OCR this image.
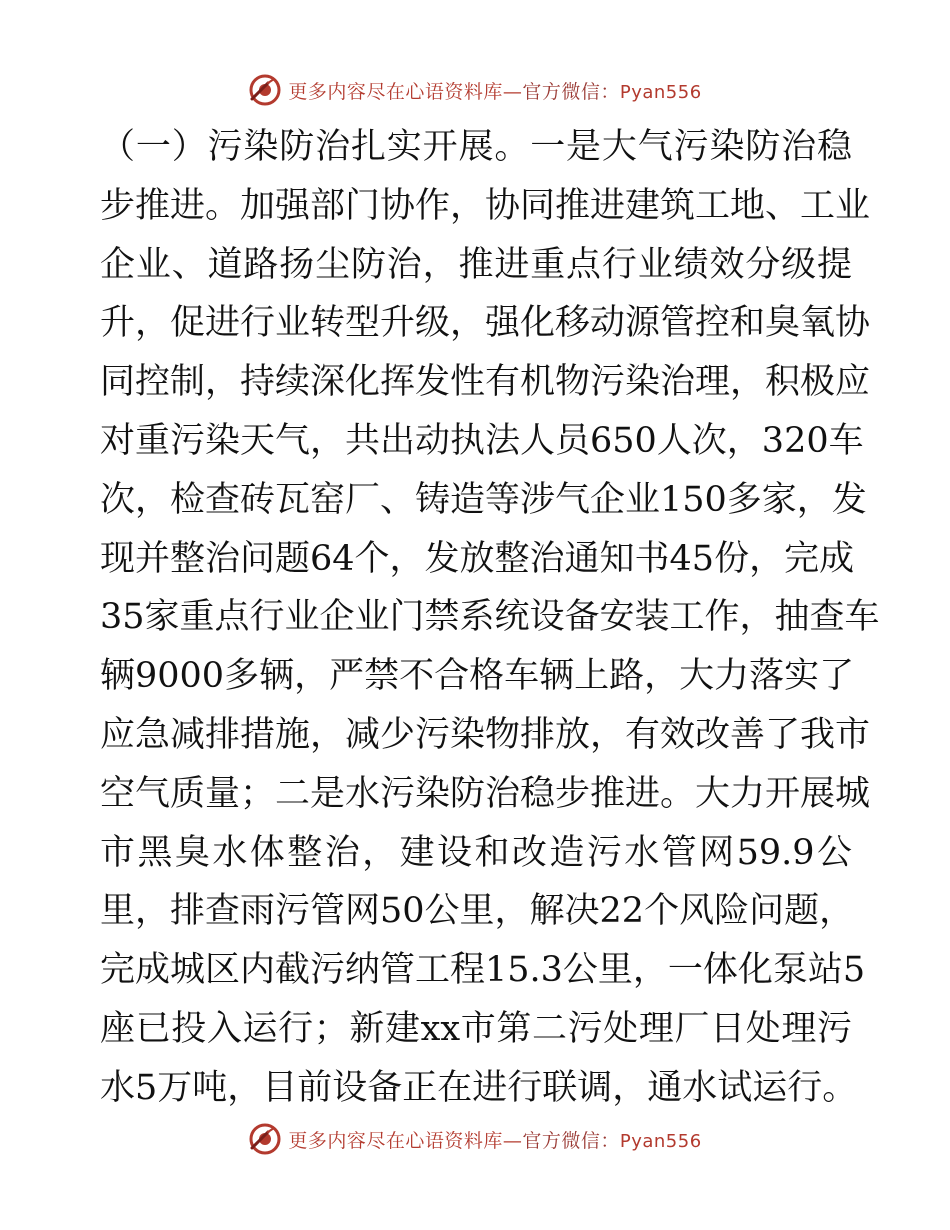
更多内容尽在心语资料库—官方微信：Pyan556
（一）污染防治扎实开展。一是大气污染防治稳
步推进。加强部门协作，协同推进建筑工地、工业
企业、道路扬尘防治，推进重点行业绩效分级提
升，促进行业转型升级，强化移动源管控和臭氧协
同控制，持续深化挥发性有机物污染治理，积极应
对重污染天气，共出动执法人员650人次，320车
次，检查砖瓦窑厂、铸造等涉气企业150多家，发
现并整治问题64个，发放整治通知书45份，完成
35家重点行业企业门禁系统设备安装工作，抽查车
辆9000多辆，严禁不合格车辆上路，大力落实了
应急减排措施，减少污染物排放，有效改善了我市
空气质量；二是水污染防治稳步推进。大力开展城
市黑臭水体整治，建设和改造污水管网59.9公
里，排查雨污管网50公里，解决22个风险问题，
完成城区内截污纳管工程15.3公里，一体化泵站5
座已投入运行；新建xx市第二污处理厂日处理污
水5万吨，目前设备正在进行联调，通水试运行。
更多内容尽在心语资料库—官方微信：Pyan556
